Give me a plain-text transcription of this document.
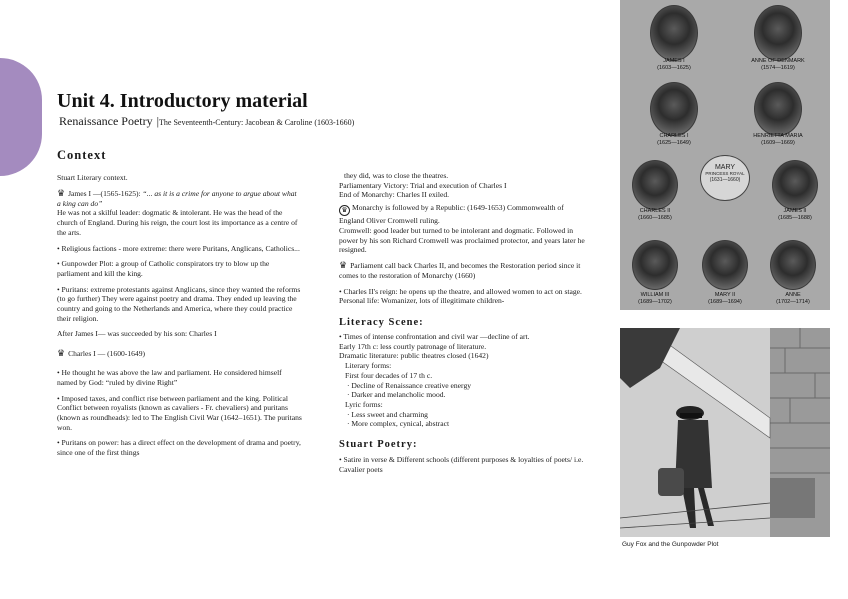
Unit 4. Introductory material
Renaissance Poetry |The Seventeenth-Century: Jacobean & Caroline (1603-1660)
Context

Stuart Literary context.

♛ James I —(1565-1625): “... as it is a crime for anyone to argue about what a king can do”

He was not a skilful leader: dogmatic & intolerant. He was the head of the church of England. During his reign, the court lost its importance as a centre of the arts.

• Religious factions - more extreme: there were Puritans, Anglicans, Catholics...

• Gunpowder Plot: a group of Catholic conspirators try to blow up the parliament and kill the king.

• Puritans: extreme protestants against Anglicans, since they wanted the reforms (to go further) They were against poetry and drama. They ended up leaving the country and going to the Netherlands and America, where they could practice their religion.

After James I— was succeeded by his son: Charles I

♛ Charles I — (1600-1649)

• He thought he was above the law and parliament. He considered himself named by God: “ruled by divine Right”

• Imposed taxes, and conflict rise between parliament and the king. Political Conflict between royalists (known as cavaliers - Fr. chevaliers) and puritans (known as roundheads): led to The English Civil War (1642–1651). The puritans won.

• Puritans on power: has a direct effect on the development of drama and poetry, since one of the first things

they did, was to close the theatres.

Parliamentary Victory: Trial and execution of Charles I

End of Monarchy: Charles II exiled.

♛ Monarchy is followed by a Republic: (1649-1653) Commonwealth of England Oliver Cromwell ruling.

Cromwell: good leader but turned to be intolerant and dogmatic. Followed in power by his son Richard Cromwell was proclaimed protector, and years later he resigned.

♛ Parliament call back Charles II, and becomes the Restoration period since it comes to the restoration of Monarchy (1660)

• Charles II's reign: he opens up the theatre, and allowed women to act on stage. Personal life: Womanizer, lots of illegitimate children-

Literacy Scene:

• Times of intense confrontation and civil war —decline of art.

Early 17th c: less courtly patronage of literature.

Dramatic literature: public theatres closed (1642)

Literary forms:

First four decades of 17 th c.

· Decline of Renaissance creative energy

· Darker and melancholic mood.

Lyric forms:

· Less sweet and charming

· More complex, cynical, abstract

Stuart Poetry:

• Satire in verse & Different schools (different purposes & loyalties of poets/ i.e. Cavalier poets

JAMES I
(1603—1625)
ANNE OF DENMARK
(1574—1619)
CHARLES I
(1625—1649)
HENRIETTA MARIA
(1609—1669)
CHARLES II
(1660—1685)
MARY
PRINCESS ROYAL
(1631—1660)
JAMES II
(1685—1688)
WILLIAM III
(1689—1702)
MARY II
(1689—1694)
ANNE
(1702—1714)
Guy Fox and the Gunpowder Plot
